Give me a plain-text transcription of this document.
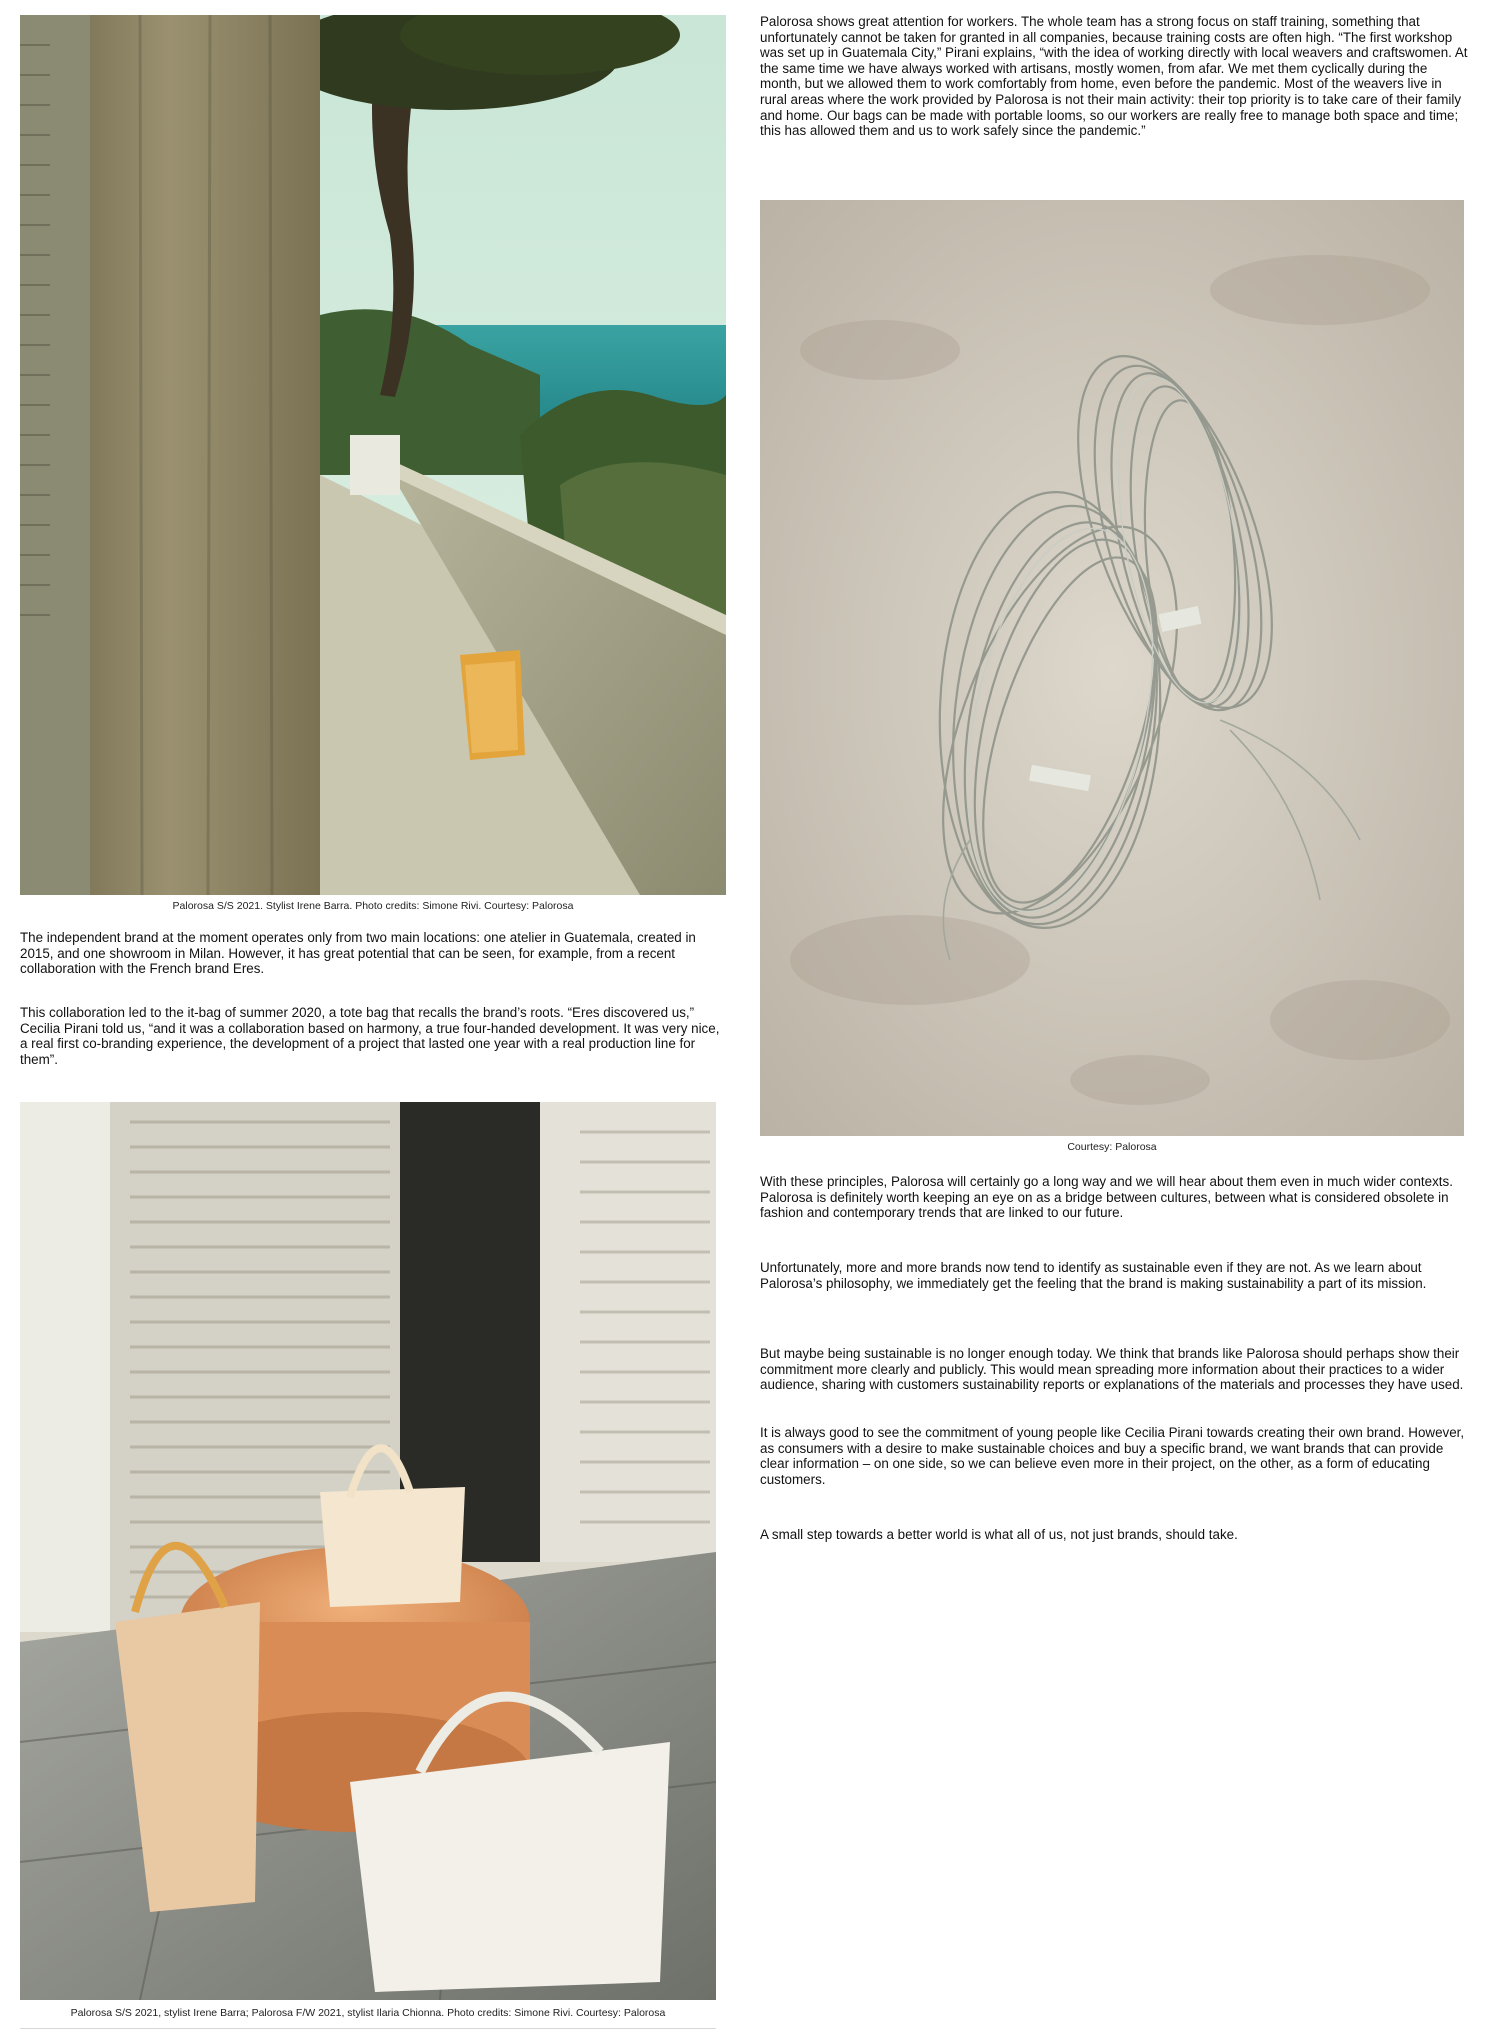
Palorosa S/S 2021. Stylist Irene Barra. Photo credits: Simone Rivi. Courtesy: Palorosa

The independent brand at the moment operates only from two main locations: one atelier in Guatemala, created in 2015, and one showroom in Milan. However, it has great potential that can be seen, for example, from a recent collaboration with the French brand Eres.

This collaboration led to the it-bag of summer 2020, a tote bag that recalls the brand’s roots. “Eres discovered us,” Cecilia Pirani told us, “and it was a collaboration based on harmony, a true four-handed development. It was very nice, a real first co-branding experience, the development of a project that lasted one year with a real production line for them”.

Palorosa S/S 2021, stylist Irene Barra; Palorosa F/W 2021, stylist Ilaria Chionna. Photo credits: Simone Rivi. Courtesy: Palorosa

Palorosa shows great attention for workers. The whole team has a strong focus on staff training, something that unfortunately cannot be taken for granted in all companies, because training costs are often high. “The first workshop was set up in Guatemala City,” Pirani explains, “with the idea of working directly with local weavers and craftswomen. At the same time we have always worked with artisans, mostly women, from afar. We met them cyclically during the month, but we allowed them to work comfortably from home, even before the pandemic. Most of the weavers live in rural areas where the work provided by Palorosa is not their main activity: their top priority is to take care of their family and home. Our bags can be made with portable looms, so our workers are really free to manage both space and time; this has allowed them and us to work safely since the pandemic.”

Courtesy: Palorosa

With these principles, Palorosa will certainly go a long way and we will hear about them even in much wider contexts. Palorosa is definitely worth keeping an eye on as a bridge between cultures, between what is considered obsolete in fashion and contemporary trends that are linked to our future.

Unfortunately, more and more brands now tend to identify as sustainable even if they are not. As we learn about Palorosa’s philosophy, we immediately get the feeling that the brand is making sustainability a part of its mission.

But maybe being sustainable is no longer enough today. We think that brands like Palorosa should perhaps show their commitment more clearly and publicly. This would mean spreading more information about their practices to a wider audience, sharing with customers sustainability reports or explanations of the materials and processes they have used.

It is always good to see the commitment of young people like Cecilia Pirani towards creating their own brand. However, as consumers with a desire to make sustainable choices and buy a specific brand, we want brands that can provide clear information – on one side, so we can believe even more in their project, on the other, as a form of educating customers.

A small step towards a better world is what all of us, not just brands, should take.
